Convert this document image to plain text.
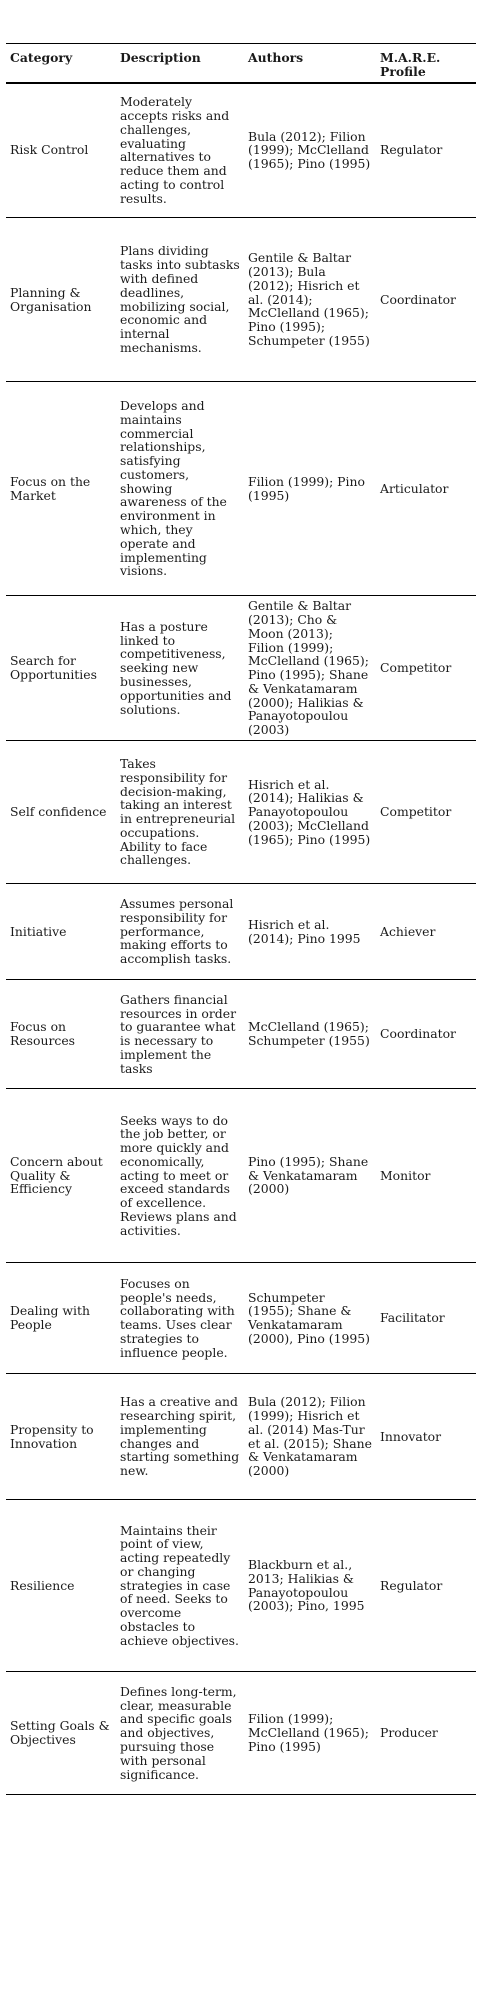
Category	Description	Authors	M.A.R.E. Profile
Risk Control	Moderately accepts risks and challenges, evaluating alternatives to reduce them and acting to control results.	Bula (2012); Filion (1999); McClelland (1965); Pino (1995)	Regulator
Planning & Organisation	Plans dividing tasks into subtasks with defined deadlines, mobilizing social, economic and internal mechanisms.	Gentile & Baltar (2013); Bula (2012); Hisrich et al. (2014); McClelland (1965); Pino (1995); Schumpeter (1955)	Coordinator
Focus on the Market	Develops and maintains commercial relationships, satisfying customers, showing awareness of the environment in which, they operate and implementing visions.	Filion (1999); Pino (1995)	Articulator
Search for Opportunities	Has a posture linked to competitiveness, seeking new businesses, opportunities and solutions.	Gentile & Baltar (2013); Cho & Moon (2013); Filion (1999); McClelland (1965); Pino (1995); Shane & Venkatamaram (2000); Halikias & Panayotopoulou (2003)	Competitor
Self confidence	Takes responsibility for decision-making, taking an interest in entrepreneurial occupations. Ability to face challenges.	Hisrich et al. (2014); Halikias & Panayotopoulou (2003); McClelland (1965); Pino (1995)	Competitor
Initiative	Assumes personal responsibility for performance, making efforts to accomplish tasks.	Hisrich et al. (2014); Pino 1995	Achiever
Focus on Resources	Gathers financial resources in order to guarantee what is necessary to implement the tasks	McClelland (1965); Schumpeter (1955)	Coordinator
Concern about Quality & Efficiency	Seeks ways to do the job better, or more quickly and economically, acting to meet or exceed standards of excellence. Reviews plans and activities.	Pino (1995); Shane & Venkatamaram (2000)	Monitor
Dealing with People	Focuses on people's needs, collaborating with teams. Uses clear strategies to influence people.	Schumpeter (1955); Shane & Venkatamaram (2000), Pino (1995)	Facilitator
Propensity to Innovation	Has a creative and researching spirit, implementing changes and starting something new.	Bula (2012); Filion (1999); Hisrich et al. (2014) Mas-Tur et al. (2015); Shane & Venkatamaram (2000)	Innovator
Resilience	Maintains their point of view, acting repeatedly or changing strategies in case of need. Seeks to overcome obstacles to achieve objectives.	Blackburn et al., 2013; Halikias & Panayotopoulou (2003); Pino, 1995	Regulator
Setting Goals & Objectives	Defines long-term, clear, measurable and specific goals and objectives, pursuing those with personal significance.	Filion (1999); McClelland (1965); Pino (1995)	Producer
